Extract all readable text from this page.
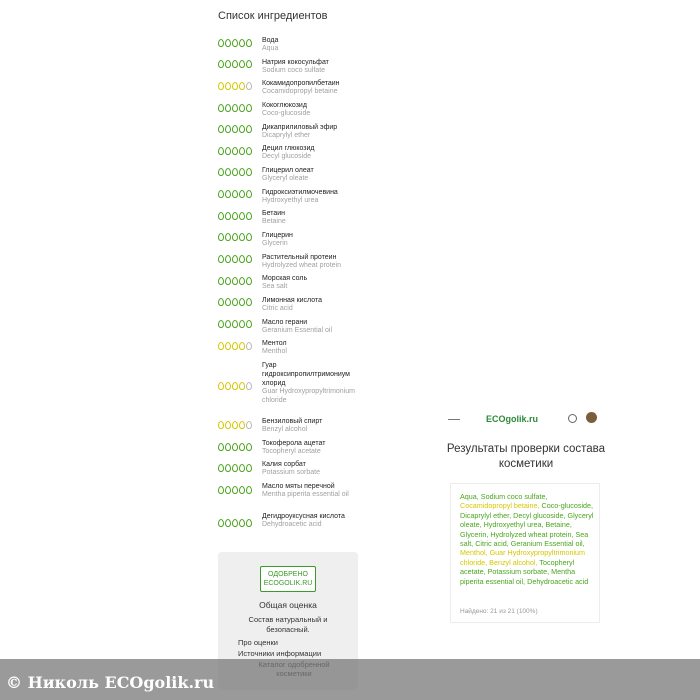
Список ингредиентов
Вода
Aqua
Натрия кокосульфат
Sodium coco sulfate
Кокамидопропилбетаин
Cocamidopropyl betaine
Кокоглюкозид
Coco-glucoside
Дикаприлиловый эфир
Dicaprylyl ether
Децил глюкозид
Decyl glucoside
Глицерил олеат
Glyceryl oleate
Гидроксиэтилмочевина
Hydroxyethyl urea
Бетаин
Betaine
Глицерин
Glycerin
Растительный протеин
Hydrolyzed wheat protein
Морская соль
Sea salt
Лимонная кислота
Citric acid
Масло герани
Geranium Essential oil
Ментол
Menthol
Гуар гидроксипропилтримониум хлорид
Guar Hydroxypropyltrimonium chloride
Бензиловый спирт
Benzyl alcohol
Токоферола ацетат
Tocopheryl acetate
Калия сорбат
Potassium sorbate
Масло мяты перечной
Mentha piperita essential oil
Дегидроуксусная кислота
Dehydroacetic acid
ОДОБРЕНО
ECOGOLIK.RU
Общая оценка
Состав натуральный и безопасный.
Про оценки
Источники информации
ECOgolik.ru
Результаты проверки состава косметики
Aqua, Sodium coco sulfate, Cocamidopropyl betaine, Coco-glucoside, Dicaprylyl ether, Decyl glucoside, Glyceryl oleate, Hydroxyethyl urea, Betaine, Glycerin, Hydrolyzed wheat protein, Sea salt, Citric acid, Geranium Essential oil, Menthol, Guar Hydroxypropyltrimonium chloride, Benzyl alcohol, Tocopheryl acetate, Potassium sorbate, Mentha piperita essential oil, Dehydroacetic acid
Найдено: 21 из 21 (100%)
© Николь ECOgolik.ru
